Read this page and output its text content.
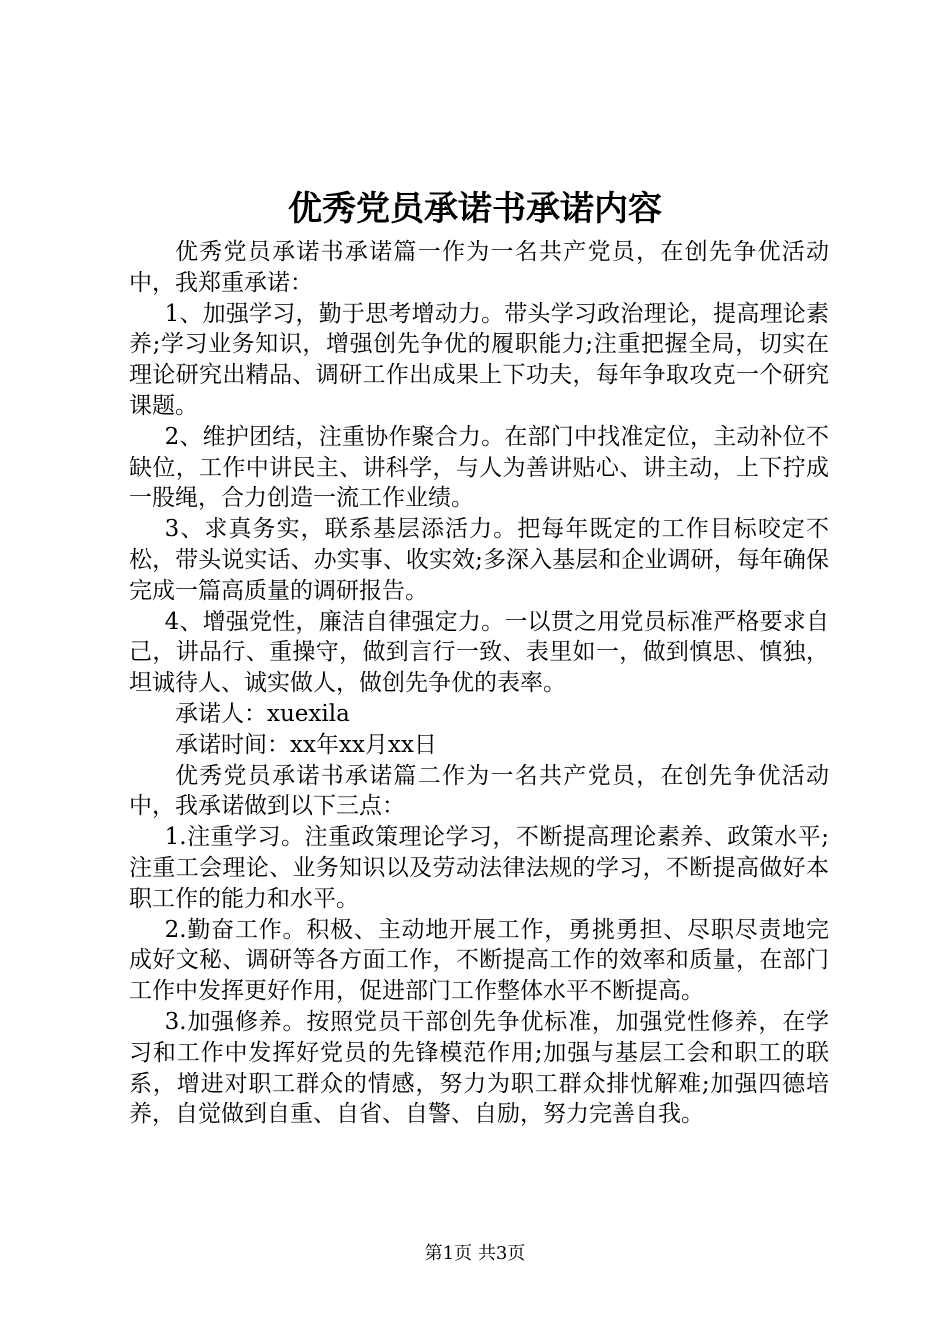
优秀党员承诺书承诺内容

优秀党员承诺书承诺篇一作为一名共产党员，在创先争优活动中，我郑重承诺：

1、加强学习，勤于思考增动力。带头学习政治理论，提高理论素养;学习业务知识，增强创先争优的履职能力;注重把握全局，切实在理论研究出精品、调研工作出成果上下功夫，每年争取攻克一个研究课题。

2、维护团结，注重协作聚合力。在部门中找准定位，主动补位不缺位，工作中讲民主、讲科学，与人为善讲贴心、讲主动，上下拧成一股绳，合力创造一流工作业绩。

3、求真务实，联系基层添活力。把每年既定的工作目标咬定不松，带头说实话、办实事、收实效;多深入基层和企业调研，每年确保完成一篇高质量的调研报告。

4、增强党性，廉洁自律强定力。一以贯之用党员标准严格要求自己，讲品行、重操守，做到言行一致、表里如一，做到慎思、慎独，坦诚待人、诚实做人，做创先争优的表率。

承诺人：xuexila

承诺时间：xx年xx月xx日

优秀党员承诺书承诺篇二作为一名共产党员，在创先争优活动中，我承诺做到以下三点：

1.注重学习。注重政策理论学习，不断提高理论素养、政策水平;注重工会理论、业务知识以及劳动法律法规的学习，不断提高做好本职工作的能力和水平。

2.勤奋工作。积极、主动地开展工作，勇挑勇担、尽职尽责地完成好文秘、调研等各方面工作，不断提高工作的效率和质量，在部门工作中发挥更好作用，促进部门工作整体水平不断提高。

3.加强修养。按照党员干部创先争优标准，加强党性修养，在学习和工作中发挥好党员的先锋模范作用;加强与基层工会和职工的联系，增进对职工群众的情感，努力为职工群众排忧解难;加强四德培养，自觉做到自重、自省、自警、自励，努力完善自我。

第1页 共3页
